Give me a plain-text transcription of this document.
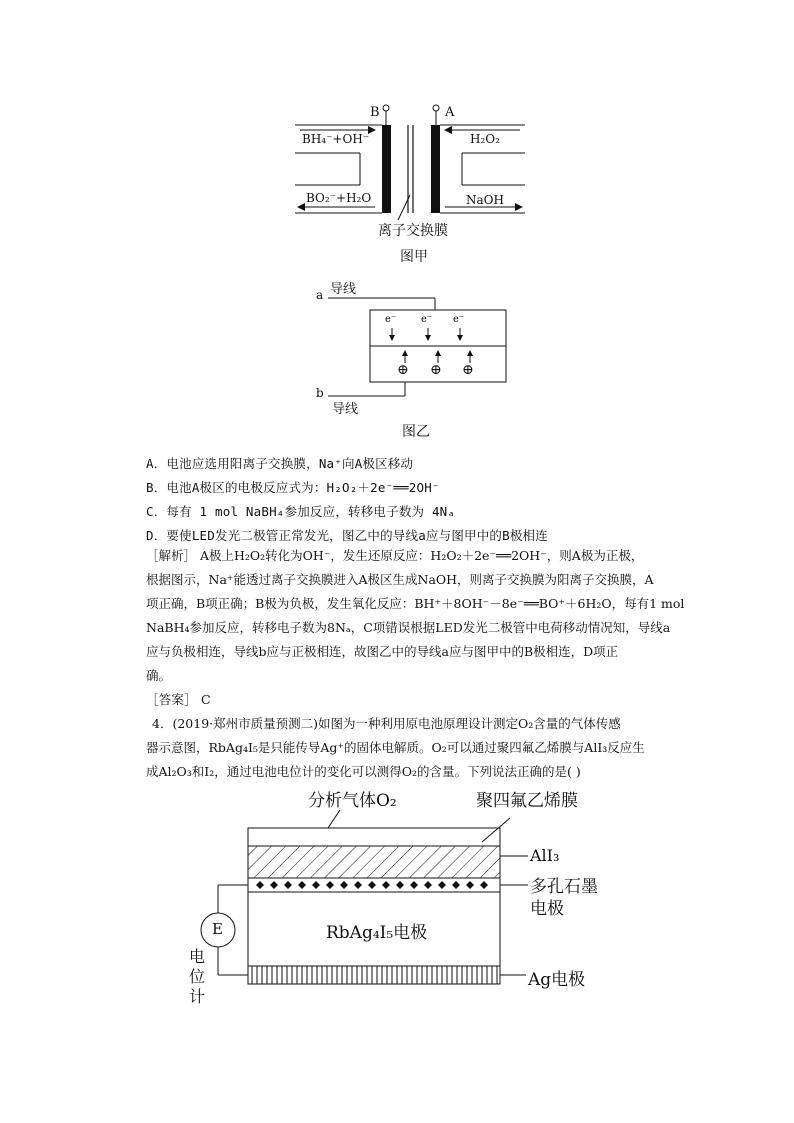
B	A
BH₄⁻+OH⁻	H₂O₂
BO₂⁻+H₂O	NaOH
离子交换膜
图甲
a 导线
b
导线
e⁻ e⁻ e⁻
⊕ ⊕ ⊕
图乙
A．电池应选用阳离子交换膜，Na⁺向A极区移动
B．电池A极区的电极反应式为：H₂O₂＋2e⁻══2OH⁻
C．每有 1 mol NaBH₄参加反应，转移电子数为 4Nₐ
D．要使LED发光二极管正常发光，图乙中的导线a应与图甲中的B极相连
［解析］ A极上H₂O₂转化为OH⁻，发生还原反应：H₂O₂＋2e⁻══2OH⁻，则A极为正极，
根据图示，Na⁺能透过离子交换膜进入A极区生成NaOH，则离子交换膜为阳离子交换膜，A
项正确，B项正确；B极为负极，发生氧化反应：BH⁺＋8OH⁻－8e⁻══BO⁺＋6H₂O，每有1 mol
NaBH₄参加反应，转移电子数为8Nₐ，C项错误根据LED发光二极管中电荷移动情况知，导线a
应与负极相连，导线b应与正极相连，故图乙中的导线a应与图甲中的B极相连，D项正
确。
［答案］ C
4．(2019·郑州市质量预测二)如图为一种利用原电池原理设计测定O₂含量的气体传感
器示意图，RbAg₄I₅是只能传导Ag⁺的固体电解质。O₂可以通过聚四氟乙烯膜与AlI₃反应生
成Al₂O₃和I₂，通过电池电位计的变化可以测得O₂的含量。下列说法正确的是( )
分析气体O₂	聚四氟乙烯膜
AlI₃
多孔石墨
电极
RbAg₄I₅电极
E
电
位
计
Ag电极
